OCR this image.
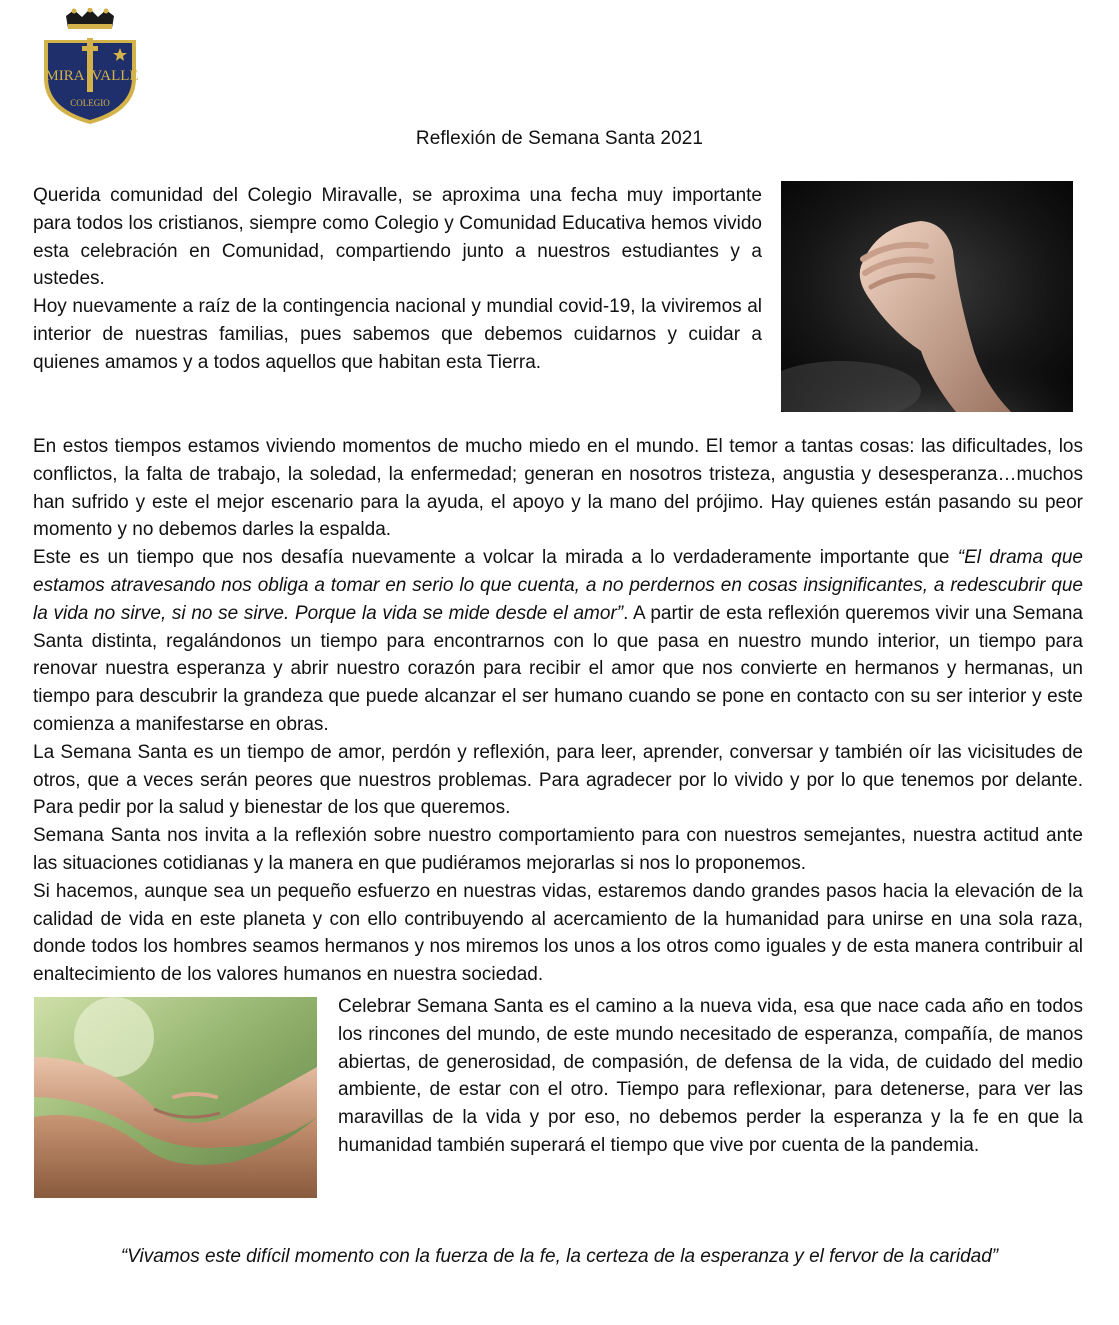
MIRA VALLE
COLEGIO
Reflexión de Semana Santa 2021

Querida comunidad del Colegio Miravalle, se aproxima una fecha muy importante para todos los cristianos, siempre como Colegio y Comunidad Educativa hemos vivido esta celebración en Comunidad, compartiendo junto a nuestros estudiantes y a ustedes.

Hoy nuevamente a raíz de la contingencia nacional y mundial covid-19, la viviremos al interior de nuestras familias, pues sabemos que debemos cuidarnos y cuidar a quienes amamos y a todos aquellos que habitan esta Tierra.

En estos tiempos estamos viviendo momentos de mucho miedo en el mundo. El temor a tantas cosas: las dificultades, los conflictos, la falta de trabajo, la soledad, la enfermedad; generan en nosotros tristeza, angustia y desesperanza…muchos han sufrido y este el mejor escenario para la ayuda, el apoyo y la mano del prójimo. Hay quienes están pasando su peor momento y no debemos darles la espalda.

Este es un tiempo que nos desafía nuevamente a volcar la mirada a lo verdaderamente importante que “El drama que estamos atravesando nos obliga a tomar en serio lo que cuenta, a no perdernos en cosas insignificantes, a redescubrir que la vida no sirve, si no se sirve. Porque la vida se mide desde el amor”. A partir de esta reflexión queremos vivir una Semana Santa distinta, regalándonos un tiempo para encontrarnos con lo que pasa en nuestro mundo interior, un tiempo para renovar nuestra esperanza y abrir nuestro corazón para recibir el amor que nos convierte en hermanos y hermanas, un tiempo para descubrir la grandeza que puede alcanzar el ser humano cuando se pone en contacto con su ser interior y este comienza a manifestarse en obras.

La Semana Santa es un tiempo de amor, perdón y reflexión, para leer, aprender, conversar y también oír las vicisitudes de otros, que a veces serán peores que nuestros problemas. Para agradecer por lo vivido y por lo que tenemos por delante. Para pedir por la salud y bienestar de los que queremos.

Semana Santa nos invita a la reflexión sobre nuestro comportamiento para con nuestros semejantes, nuestra actitud ante las situaciones cotidianas y la manera en que pudiéramos mejorarlas si nos lo proponemos.

Si hacemos, aunque sea un pequeño esfuerzo en nuestras vidas, estaremos dando grandes pasos hacia la elevación de la calidad de vida en este planeta y con ello contribuyendo al acercamiento de la humanidad para unirse en una sola raza, donde todos los hombres seamos hermanos y nos miremos los unos a los otros como iguales y de esta manera contribuir al enaltecimiento de los valores humanos en nuestra sociedad.

Celebrar Semana Santa es el camino a la nueva vida, esa que nace cada año en todos los rincones del mundo, de este mundo necesitado de esperanza, compañía, de manos abiertas, de generosidad, de compasión, de defensa de la vida, de cuidado del medio ambiente, de estar con el otro. Tiempo para reflexionar, para detenerse, para ver las maravillas de la vida y por eso, no debemos perder la esperanza y la fe en que la humanidad también superará el tiempo que vive por cuenta de la pandemia.

“Vivamos este difícil momento con la fuerza de la fe, la certeza de la esperanza y el fervor de la caridad”
